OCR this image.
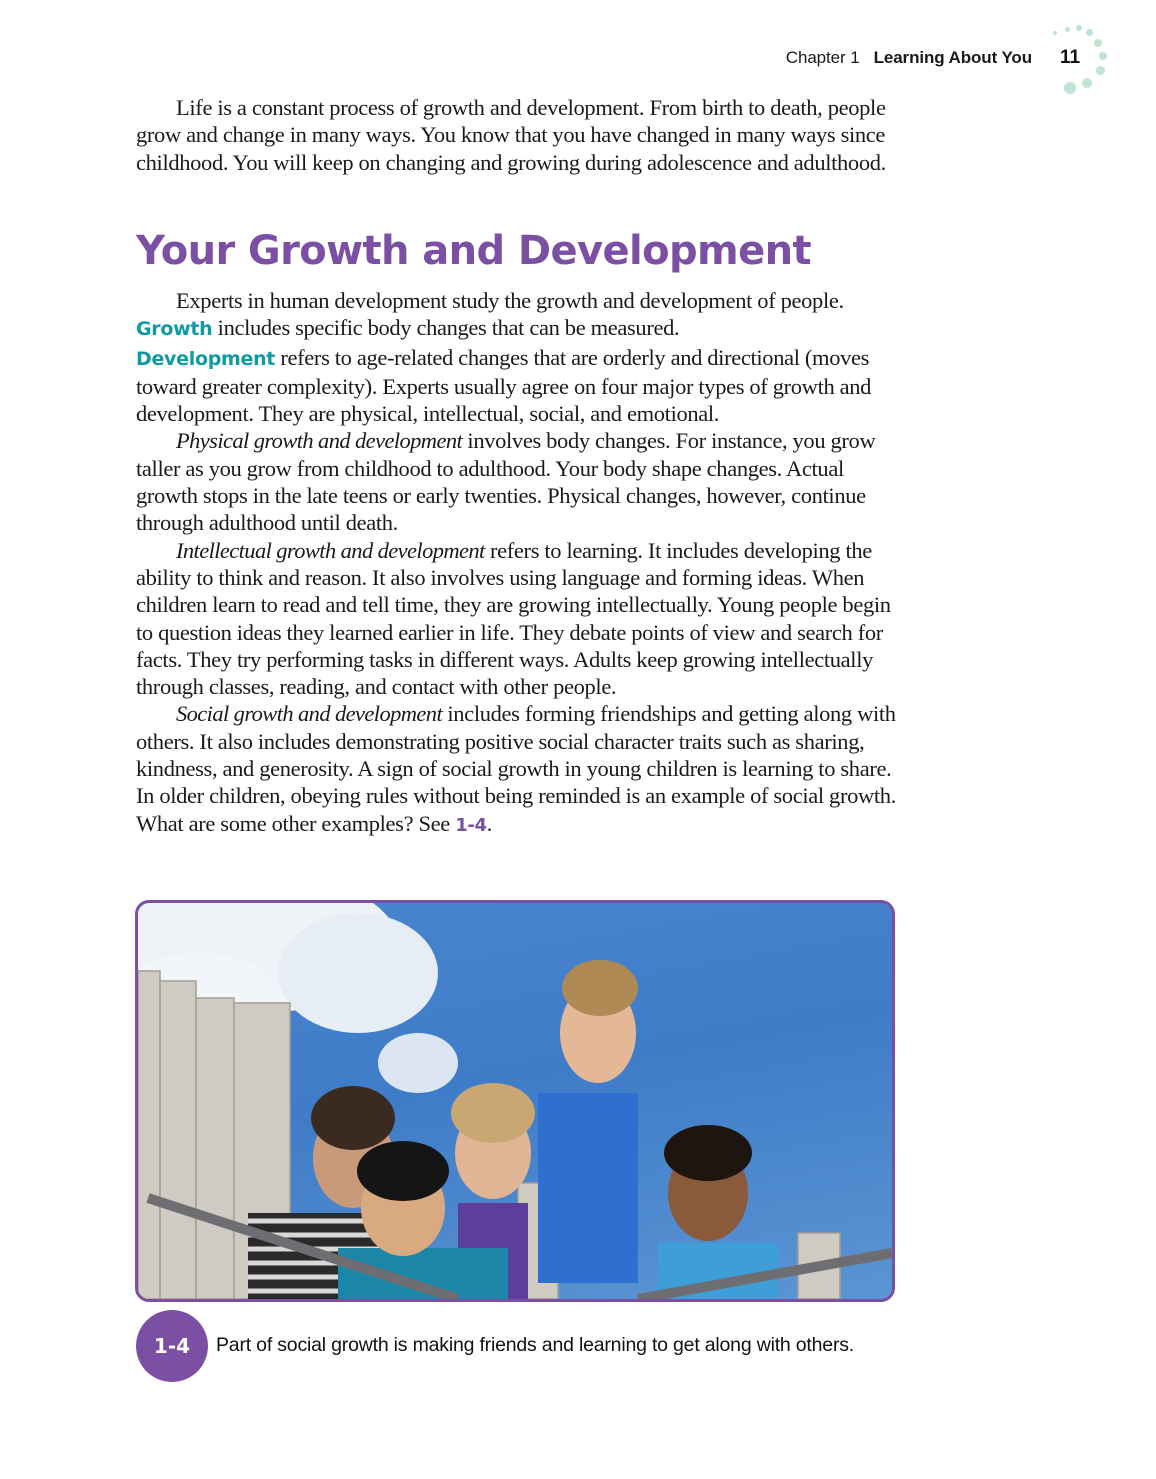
Chapter 1 Learning About You 11

Life is a constant process of growth and development. From birth to death, people grow and change in many ways. You know that you have changed in many ways since childhood. You will keep on changing and growing during adolescence and adulthood.

Your Growth and Development

Experts in human development study the growth and development of people. Growth includes specific body changes that can be measured.
Development refers to age-related changes that are orderly and directional (moves toward greater complexity). Experts usually agree on four major types of growth and development. They are physical, intellectual, social, and emotional.

Physical growth and development involves body changes. For instance, you grow taller as you grow from childhood to adulthood. Your body shape changes. Actual growth stops in the late teens or early twenties. Physical changes, however, continue through adulthood until death.

Intellectual growth and development refers to learning. It includes developing the ability to think and reason. It also involves using language and forming ideas. When children learn to read and tell time, they are growing intellectually. Young people begin to question ideas they learned earlier in life. They debate points of view and search for facts. They try performing tasks in different ways. Adults keep growing intellectually through classes, reading, and contact with other people.

Social growth and development includes forming friendships and getting along with others. It also includes demonstrating positive social character traits such as sharing, kindness, and generosity. A sign of social growth in young children is learning to share. In older children, obeying rules without being reminded is an example of social growth. What are some other examples? See 1-4.

1-4	Part of social growth is making friends and learning to get along with others.
